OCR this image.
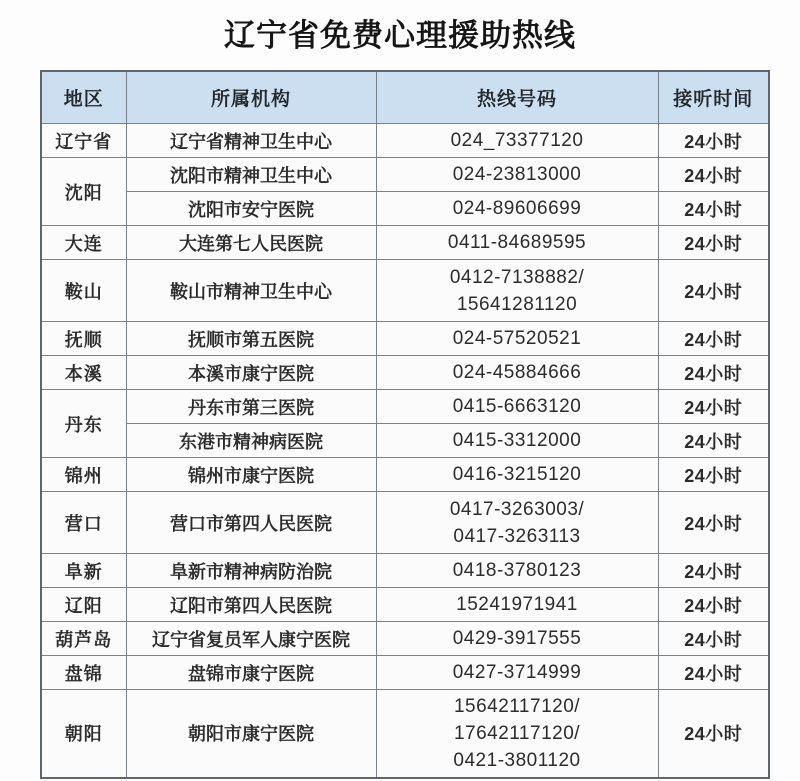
辽宁省免费心理援助热线
地区	所属机构	热线号码	接听时间
辽宁省	辽宁省精神卫生中心	024_73377120	24小时
沈阳	沈阳市精神卫生中心	024-23813000	24小时
	沈阳市安宁医院	024-89606699	24小时
大连	大连第七人民医院	0411-84689595	24小时
鞍山	鞍山市精神卫生中心	0412-7138882/
15641281120	24小时
抚顺	抚顺市第五医院	024-57520521	24小时
本溪	本溪市康宁医院	024-45884666	24小时
丹东	丹东市第三医院	0415-6663120	24小时
	东港市精神病医院	0415-3312000	24小时
锦州	锦州市康宁医院	0416-3215120	24小时
营口	营口市第四人民医院	0417-3263003/
0417-3263113	24小时
阜新	阜新市精神病防治院	0418-3780123	24小时
辽阳	辽阳市第四人民医院	15241971941	24小时
葫芦岛	辽宁省复员军人康宁医院	0429-3917555	24小时
盘锦	盘锦市康宁医院	0427-3714999	24小时
朝阳	朝阳市康宁医院	15642117120/
17642117120/
0421-3801120	24小时
